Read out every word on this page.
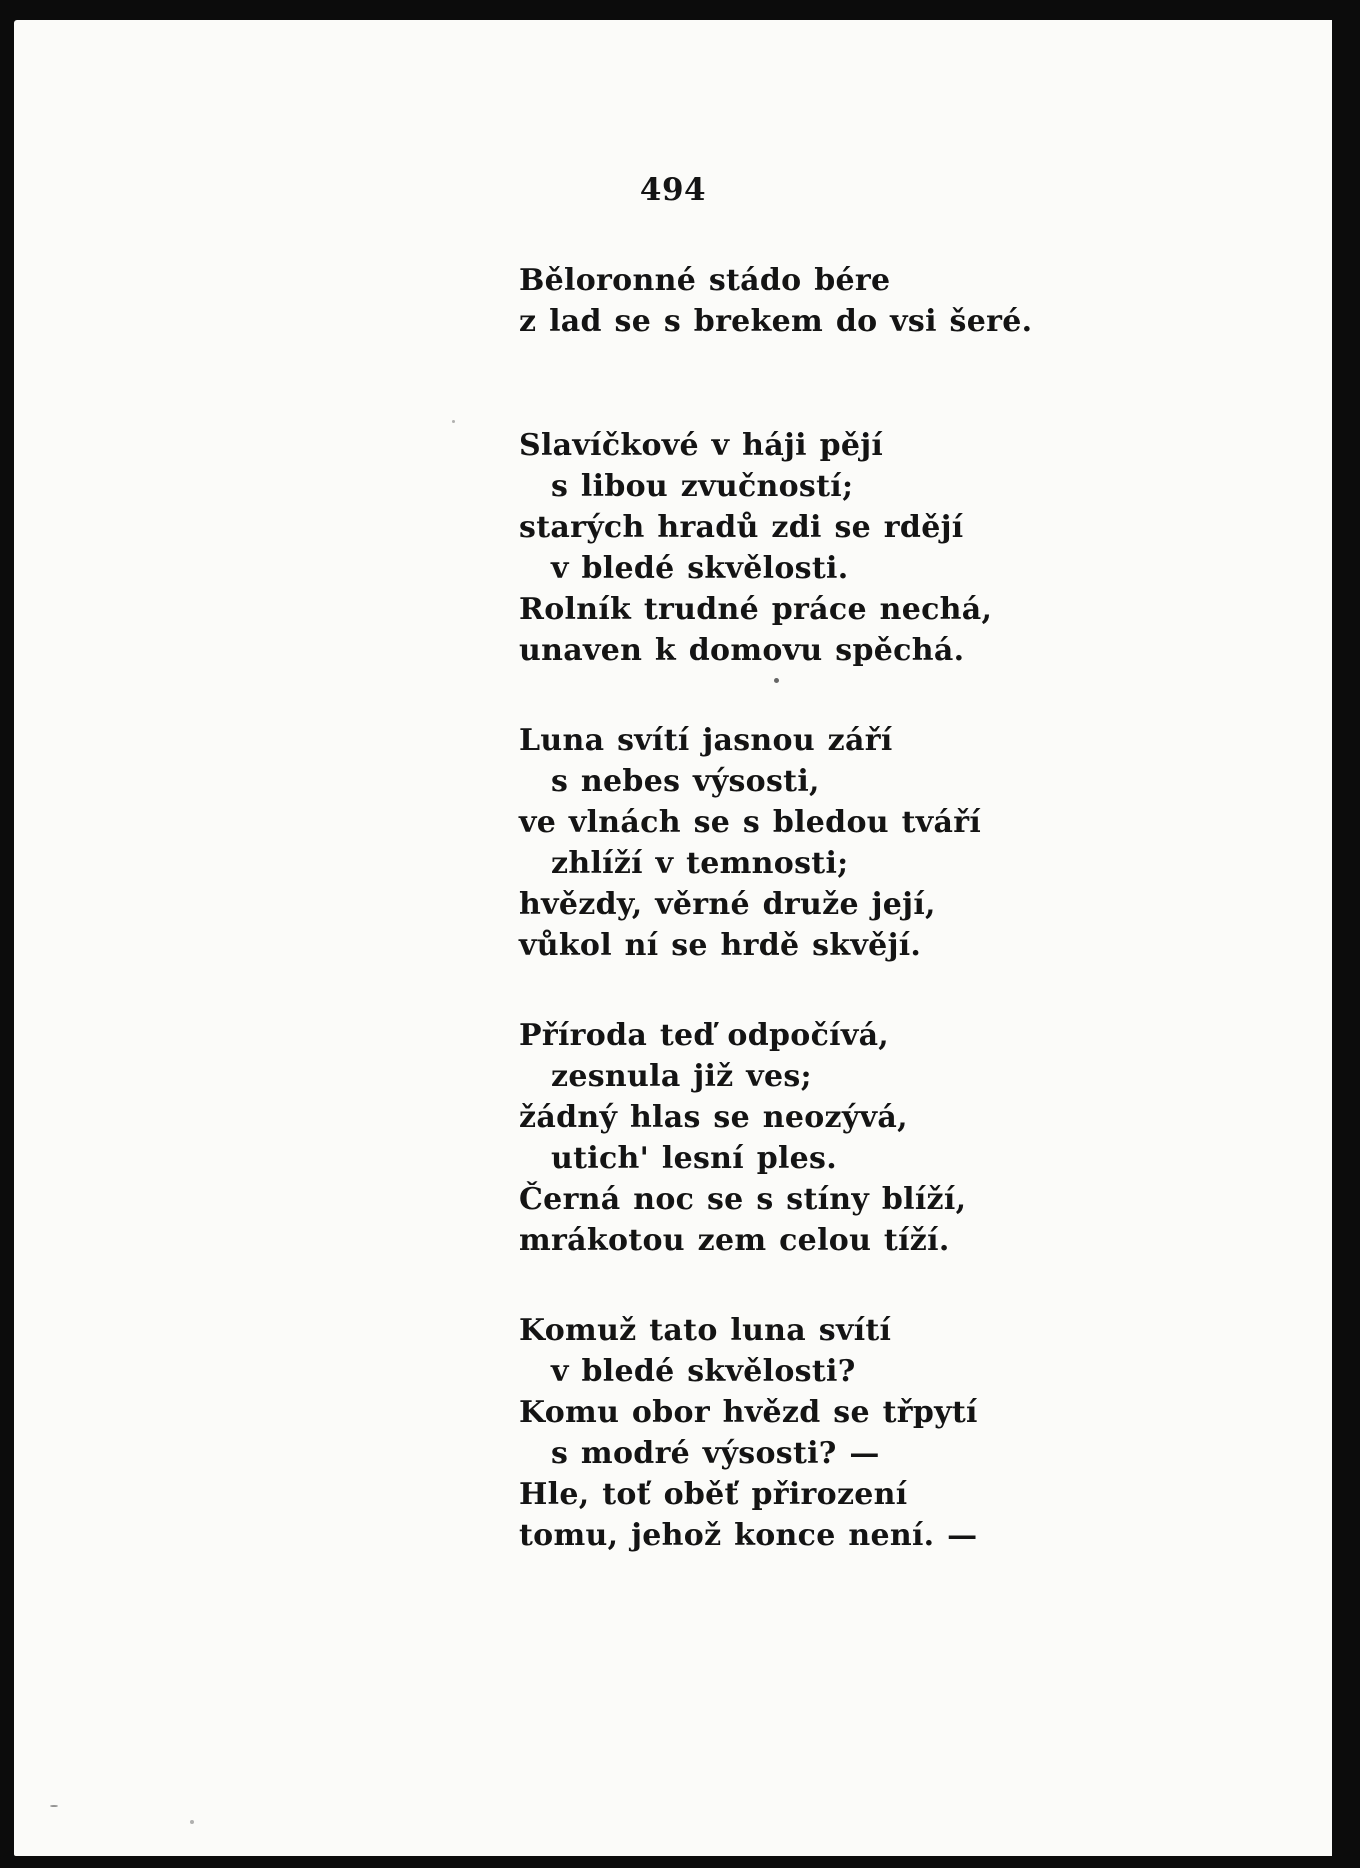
494
Běloronné stádo bére
z lad se s brekem do vsi šeré.
Slavíčkové v háji pějí
s libou zvučností;
starých hradů zdi se rdějí
v bledé skvělosti.
Rolník trudné práce nechá,
unaven k domovu spěchá.
Luna svítí jasnou září
s nebes výsosti,
ve vlnách se s bledou tváří
zhlíží v temnosti;
hvězdy, věrné druže její,
vůkol ní se hrdě skvějí.
Příroda teď odpočívá,
zesnula již ves;
žádný hlas se neozývá,
utich' lesní ples.
Černá noc se s stíny blíží,
mrákotou zem celou tíží.
Komuž tato luna svítí
v bledé skvělosti?
Komu obor hvězd se třpytí
s modré výsosti? —
Hle, toť oběť přirození
tomu, jehož konce není. —
